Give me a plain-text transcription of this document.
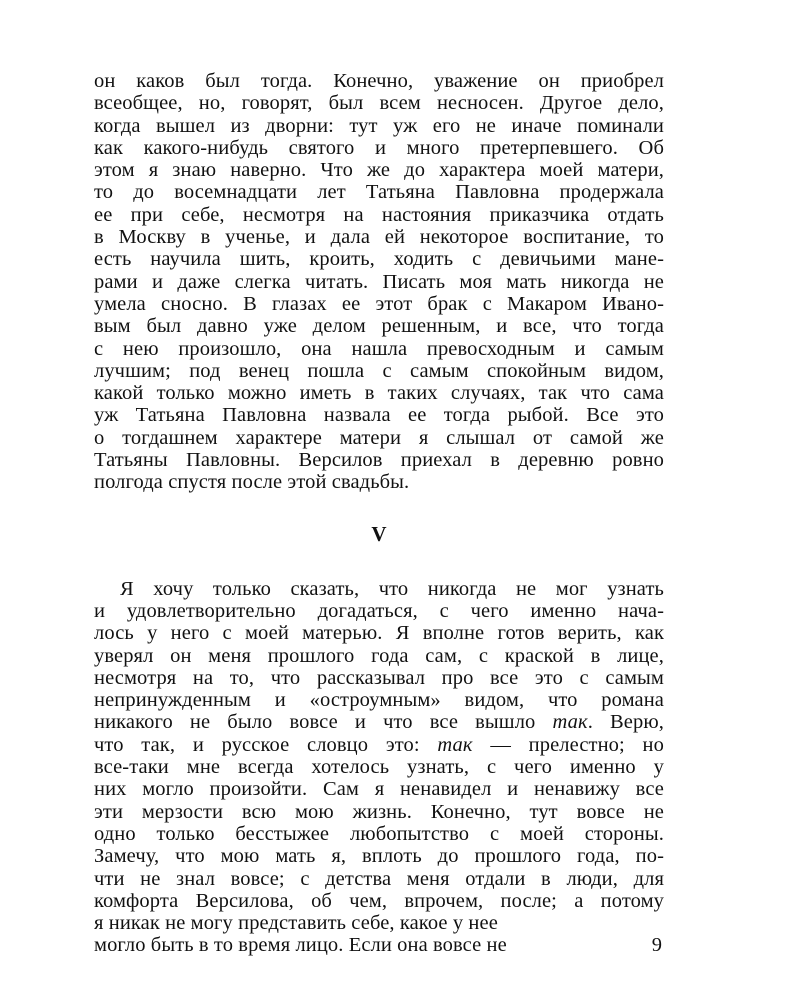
он каков был тогда. Конечно, уважение он приобрел
всеобщее, но, говорят, был всем несносен. Другое дело,
когда вышел из дворни: тут уж его не иначе поминали
как какого-нибудь святого и много претерпевшего. Об
этом я знаю наверно. Что же до характера моей матери,
то до восемнадцати лет Татьяна Павловна продержала
ее при себе, несмотря на настояния приказчика отдать
в Москву в ученье, и дала ей некоторое воспитание, то
есть научила шить, кроить, ходить с девичьими мане-
рами и даже слегка читать. Писать моя мать никогда не
умела сносно. В глазах ее этот брак с Макаром Ивано-
вым был давно уже делом решенным, и все, что тогда
с нею произошло, она нашла превосходным и самым
лучшим; под венец пошла с самым спокойным видом,
какой только можно иметь в таких случаях, так что сама
уж Татьяна Павловна назвала ее тогда рыбой. Все это
о тогдашнем характере матери я слышал от самой же
Татьяны Павловны. Версилов приехал в деревню ровно
полгода спустя после этой свадьбы.
V
Я хочу только сказать, что никогда не мог узнать
и удовлетворительно догадаться, с чего именно нача-
лось у него с моей матерью. Я вполне готов верить, как
уверял он меня прошлого года сам, с краской в лице,
несмотря на то, что рассказывал про все это с самым
непринужденным и «остроумным» видом, что романа
никакого не было вовсе и что все вышло так. Верю,
что так, и русское словцо это: так — прелестно; но
все-таки мне всегда хотелось узнать, с чего именно у
них могло произойти. Сам я ненавидел и ненавижу все
эти мерзости всю мою жизнь. Конечно, тут вовсе не
одно только бесстыжее любопытство с моей стороны.
Замечу, что мою мать я, вплоть до прошлого года, по-
чти не знал вовсе; с детства меня отдали в люди, для
комфорта Версилова, об чем, впрочем, после; а потому
я никак не могу представить себе, какое у нее
могло быть в то время лицо. Если она вовсе не	9
